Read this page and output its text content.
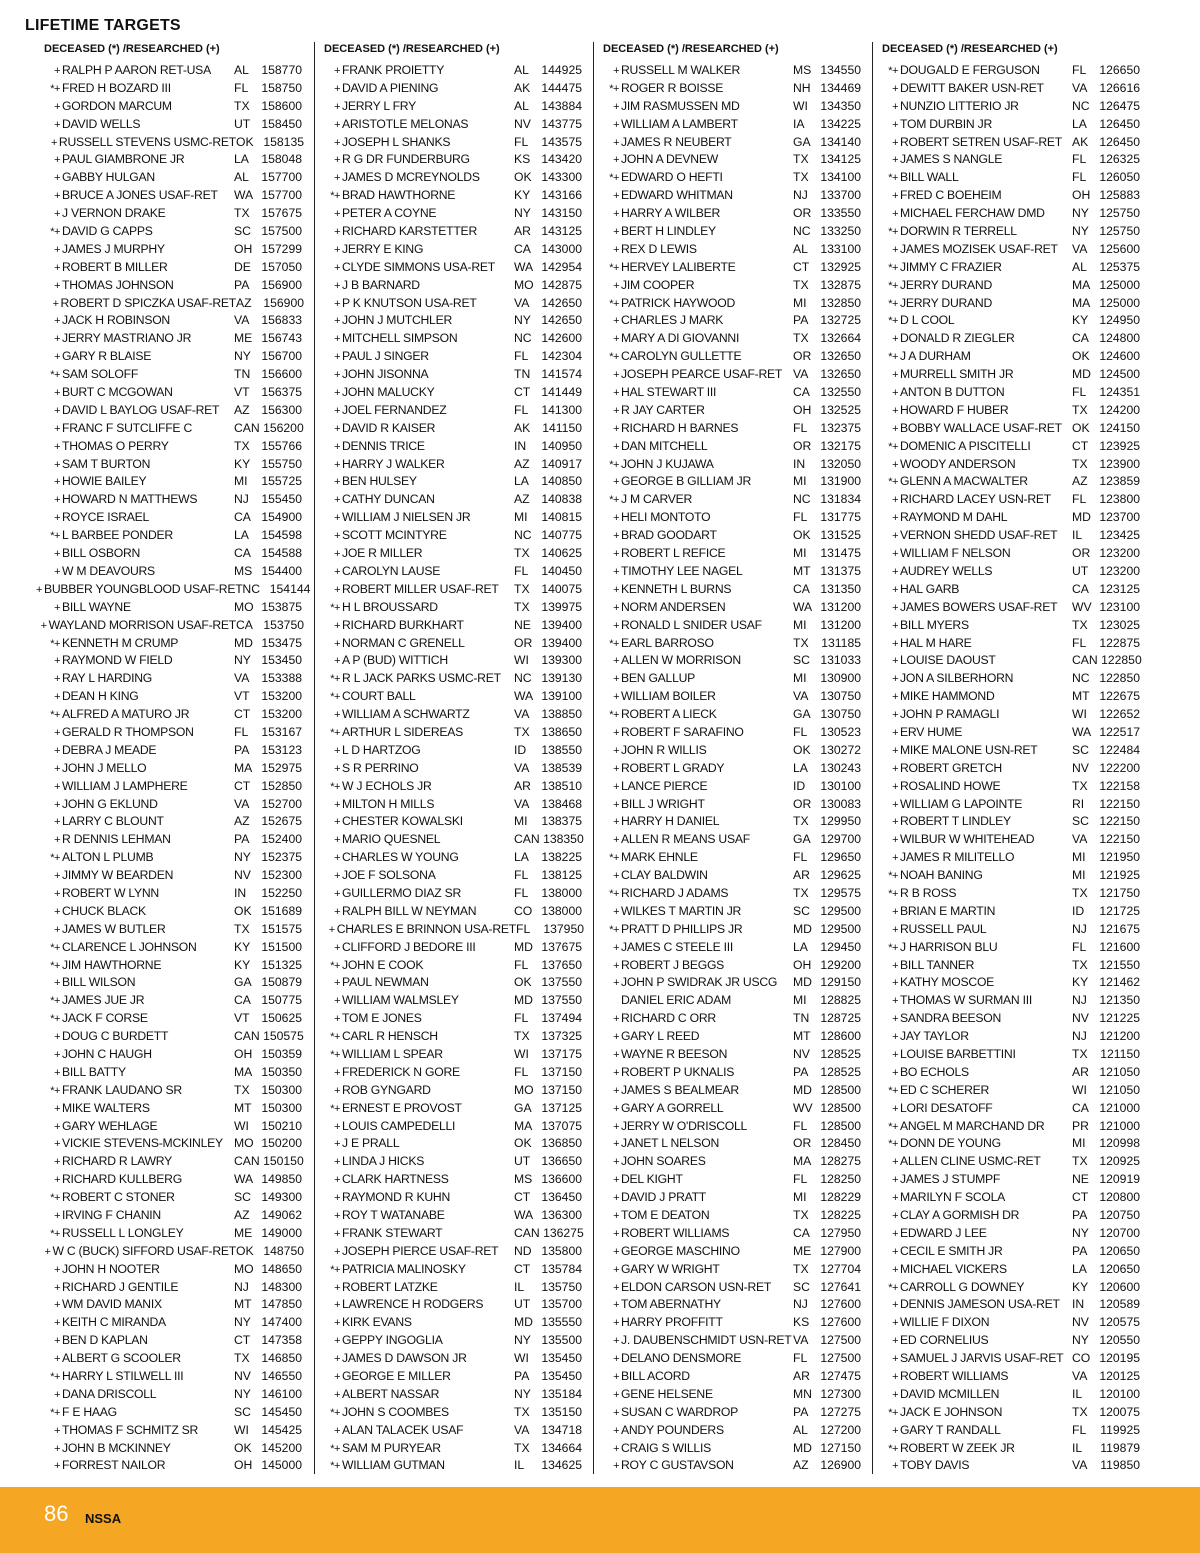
LIFETIME TARGETS
DECEASED (*) /RESEARCHED (+)
+ RALPH P AARON RET-USA	AL	158770
*+ FRED H BOZARD III	FL	158750
+ GORDON MARCUM	TX 158600
+ DAVID WELLS	UT 158450
+ RUSSELL STEVENS USMC-RET OK 158135
+ PAUL GIAMBRONE JR	LA	158048
+ GABBY HULGAN	AL	157700
+ BRUCE A JONES USAF-RET	WA 157700
+ J VERNON DRAKE	TX 157675
*+ DAVID G CAPPS	SC 157500
+ JAMES J MURPHY	OH 157299
+ ROBERT B MILLER	DE 157050
+ THOMAS JOHNSON	PA 156900
+ ROBERT D SPICZKA USAF-RET AZ 156900
+ JACK H ROBINSON	VA 156833
+ JERRY MASTRIANO JR	ME 156743
+ GARY R BLAISE	NY 156700
*+ SAM SOLOFF	TN 156600
+ BURT C MCGOWAN	VT 156375
+ DAVID L BAYLOG USAF-RET	AZ 156300
+ FRANC F SUTCLIFFE C	CAN 156200
+ THOMAS O PERRY	TX 155766
+ SAM T BURTON	KY 155750
+ HOWIE BAILEY	MI	155725
+ HOWARD N MATTHEWS	NJ	155450
+ ROYCE ISRAEL	CA 154900
*+ L BARBEE PONDER	LA	154598
+ BILL OSBORN	CA 154588
+ W M DEAVOURS	MS 154400
+ BUBBER YOUNGBLOOD USAF-RET NC 154144
+ BILL WAYNE	MO 153875
+ WAYLAND MORRISON USAF-RET CA 153750
*+ KENNETH M CRUMP	MD 153475
+ RAYMOND W FIELD	NY 153450
+ RAY L HARDING	VA 153388
+ DEAN H KING	VT 153200
*+ ALFRED A MATURO JR	CT 153200
+ GERALD R THOMPSON	FL	153167
+ DEBRA J MEADE	PA 153123
+ JOHN J MELLO	MA 152975
+ WILLIAM J LAMPHERE	CT 152850
+ JOHN G EKLUND	VA 152700
+ LARRY C BLOUNT	AZ 152675
+ R DENNIS LEHMAN	PA 152400
*+ ALTON L PLUMB	NY 152375
+ JIMMY W BEARDEN	NV 152300
+ ROBERT W LYNN	IN	152250
+ CHUCK BLACK	OK 151689
+ JAMES W BUTLER	TX 151575
*+ CLARENCE L JOHNSON	KY 151500
*+ JIM HAWTHORNE	KY 151325
+ BILL WILSON	GA 150879
*+ JAMES JUE JR	CA 150775
*+ JACK F CORSE	VT 150625
+ DOUG C BURDETT	CAN 150575
+ JOHN C HAUGH	OH 150359
+ BILL BATTY	MA 150350
*+ FRANK LAUDANO SR	TX 150300
+ MIKE WALTERS	MT 150300
+ GARY WEHLAGE	WI	150210
+ VICKIE STEVENS-MCKINLEY MO 150200
+ RICHARD R LAWRY	CAN 150150
+ RICHARD KULLBERG	WA 149850
*+ ROBERT C STONER	SC 149300
+ IRVING F CHANIN	AZ 149062
*+ RUSSELL L LONGLEY	ME 149000
+ W C (BUCK) SIFFORD USAF-RET OK 148750
+ JOHN H NOOTER	MO 148650
+ RICHARD J GENTILE	NJ	148300
+ WM DAVID MANIX	MT 147850
+ KEITH C MIRANDA	NY 147400
+ BEN D KAPLAN	CT 147358
+ ALBERT G SCOOLER	TX 146850
*+ HARRY L STILWELL III	NV 146550
+ DANA DRISCOLL	NY 146100
*+ F E HAAG	SC 145450
+ THOMAS F SCHMITZ SR	WI	145425
+ JOHN B MCKINNEY	OK 145200
+ FORREST NAILOR	OH 145000
DECEASED (*) /RESEARCHED (+)
+ FRANK PROIETTY	AL	144925
+ DAVID A PIENING	AK 144475
+ JERRY L FRY	AL	143884
+ ARISTOTLE MELONAS	NV 143775
+ JOSEPH L SHANKS	FL	143575
+ R G DR FUNDERBURG	KS 143420
+ JAMES D MCREYNOLDS	OK 143300
*+ BRAD HAWTHORNE	KY 143166
+ PETER A COYNE	NY 143150
+ RICHARD KARSTETTER	AR 143125
+ JERRY E KING	CA 143000
+ CLYDE SIMMONS USA-RET	WA 142954
+ J B BARNARD	MO 142875
+ P K KNUTSON USA-RET	VA 142650
+ JOHN J MUTCHLER	NY 142650
+ MITCHELL SIMPSON	NC 142600
+ PAUL J SINGER	FL	142304
+ JOHN JISONNA	TN 141574
+ JOHN MALUCKY	CT 141449
+ JOEL FERNANDEZ	FL	141300
+ DAVID R KAISER	AK 141150
+ DENNIS TRICE	IN	140950
+ HARRY J WALKER	AZ 140917
+ BEN HULSEY	LA	140850
+ CATHY DUNCAN	AZ 140838
+ WILLIAM J NIELSEN JR	MI	140815
+ SCOTT MCINTYRE	NC 140775
+ JOE R MILLER	TX 140625
+ CAROLYN LAUSE	FL	140450
+ ROBERT MILLER USAF-RET	TX 140075
*+ H L BROUSSARD	TX 139975
+ RICHARD BURKHART	NE 139400
+ NORMAN C GRENELL	OR 139400
+ A P (BUD) WITTICH	WI	139300
*+ R L JACK PARKS USMC-RET	NC 139130
*+ COURT BALL	WA 139100
+ WILLIAM A SCHWARTZ	VA 138850
*+ ARTHUR L SIDEREAS	TX 138650
+ L D HARTZOG	ID	138550
+ S R PERRINO	VA 138539
*+ W J ECHOLS JR	AR 138510
+ MILTON H MILLS	VA 138468
+ CHESTER KOWALSKI	MI	138375
+ MARIO QUESNEL	CAN 138350
+ CHARLES W YOUNG	LA	138225
+ JOE F SOLSONA	FL	138125
+ GUILLERMO DIAZ SR	FL	138000
+ RALPH BILL W NEYMAN	CO 138000
+ CHARLES E BRINNON USA-RET FL	137950
+ CLIFFORD J BEDORE III	MD 137675
*+ JOHN E COOK	FL	137650
+ PAUL NEWMAN	OK 137550
+ WILLIAM WALMSLEY	MD 137550
+ TOM E JONES	FL	137494
*+ CARL R HENSCH	TX 137325
*+ WILLIAM L SPEAR	WI	137175
+ FREDERICK N GORE	FL	137150
+ ROB GYNGARD	MO 137150
*+ ERNEST E PROVOST	GA 137125
+ LOUIS CAMPEDELLI	MA 137075
+ J E PRALL	OK 136850
+ LINDA J HICKS	UT 136650
+ CLARK HARTNESS	MS 136600
+ RAYMOND R KUHN	CT 136450
+ ROY T WATANABE	WA 136300
+ FRANK STEWART	CAN 136275
+ JOSEPH PIERCE USAF-RET	ND 135800
*+ PATRICIA MALINOSKY	CT 135784
+ ROBERT LATZKE	IL	135750
+ LAWRENCE H RODGERS	UT 135700
+ KIRK EVANS	MD 135550
+ GEPPY INGOGLIA	NY 135500
+ JAMES D DAWSON JR	WI	135450
+ GEORGE E MILLER	PA 135450
+ ALBERT NASSAR	NY 135184
*+ JOHN S COOMBES	TX 135150
+ ALAN TALACEK USAF	VA 134718
*+ SAM M PURYEAR	TX 134664
*+ WILLIAM GUTMAN	IL	134625
DECEASED (*) /RESEARCHED (+)
+ RUSSELL M WALKER	MS 134550
*+ ROGER R BOISSE	NH 134469
+ JIM RASMUSSEN MD	WI	134350
+ WILLIAM A LAMBERT	IA	134225
+ JAMES R NEUBERT	GA 134140
+ JOHN A DEVNEW	TX 134125
*+ EDWARD O HEFTI	TX 134100
+ EDWARD WHITMAN	NJ	133700
+ HARRY A WILBER	OR 133550
+ BERT H LINDLEY	NC 133250
+ REX D LEWIS	AL	133100
*+ HERVEY LALIBERTE	CT 132925
+ JIM COOPER	TX 132875
*+ PATRICK HAYWOOD	MI	132850
+ CHARLES J MARK	PA 132725
+ MARY A DI GIOVANNI	TX 132664
*+ CAROLYN GULLETTE	OR 132650
+ JOSEPH PEARCE USAF-RET VA 132650
+ HAL STEWART III	CA 132550
+ R JAY CARTER	OH 132525
+ RICHARD H BARNES	FL	132375
+ DAN MITCHELL	OR 132175
*+ JOHN J KUJAWA	IN	132050
+ GEORGE B GILLIAM JR	MI	131900
*+ J M CARVER	NC 131834
+ HELI MONTOTO	FL	131775
+ BRAD GOODART	OK 131525
+ ROBERT L REFICE	MI	131475
+ TIMOTHY LEE NAGEL	MT 131375
+ KENNETH L BURNS	CA 131350
+ NORM ANDERSEN	WA 131200
+ RONALD L SNIDER USAF	MI	131200
*+ EARL BARROSO	TX	131185
+ ALLEN W MORRISON	SC 131033
+ BEN GALLUP	MI	130900
+ WILLIAM BOILER	VA 130750
*+ ROBERT A LIECK	GA 130750
+ ROBERT F SARAFINO	FL	130523
+ JOHN R WILLIS	OK 130272
+ ROBERT L GRADY	LA	130243
+ LANCE PIERCE	ID	130100
+ BILL J WRIGHT	OR 130083
+ HARRY H DANIEL	TX 129950
+ ALLEN R MEANS USAF	GA 129700
*+ MARK EHNLE	FL	129650
+ CLAY BALDWIN	AR 129625
*+ RICHARD J ADAMS	TX 129575
+ WILKES T MARTIN JR	SC 129500
*+ PRATT D PHILLIPS JR	MD 129500
+ JAMES C STEELE III	LA	129450
+ ROBERT J BEGGS	OH 129200
+ JOHN P SWIDRAK JR USCG	MD 129150
DANIEL ERIC ADAM	MI	128825
+ RICHARD C ORR	TN 128725
+ GARY L REED	MT 128600
+ WAYNE R BEESON	NV 128525
+ ROBERT P UKNALIS	PA 128525
+ JAMES S BEALMEAR	MD 128500
+ GARY A GORRELL	WV 128500
+ JERRY W O'DRISCOLL	FL	128500
+ JANET L NELSON	OR 128450
+ JOHN SOARES	MA 128275
+ DEL KIGHT	FL	128250
+ DAVID J PRATT	MI	128229
+ TOM E DEATON	TX 128225
+ ROBERT WILLIAMS	CA 127950
+ GEORGE MASCHINO	ME 127900
+ GARY W WRIGHT	TX 127704
+ ELDON CARSON USN-RET	SC 127641
+ TOM ABERNATHY	NJ	127600
+ HARRY PROFFITT	KS 127600
+ J. DAUBENSCHMIDT USN-RET VA 127500
+ DELANO DENSMORE	FL	127500
+ BILL ACORD	AR 127475
+ GENE HELSENE	MN 127300
+ SUSAN C WARDROP	PA 127275
+ ANDY POUNDERS	AL	127200
+ CRAIG S WILLIS	MD 127150
+ ROY C GUSTAVSON	AZ 126900
DECEASED (*) /RESEARCHED (+)
*+ DOUGALD E FERGUSON	FL	126650
+ DEWITT BAKER USN-RET	VA 126616
+ NUNZIO LITTERIO JR	NC 126475
+ TOM DURBIN JR	LA	126450
+ ROBERT SETREN USAF-RET AK 126450
+ JAMES S NANGLE	FL	126325
*+ BILL WALL	FL	126050
+ FRED C BOEHEIM	OH 125883
+ MICHAEL FERCHAW DMD	NY 125750
*+ DORWIN R TERRELL	NY 125750
+ JAMES MOZISEK USAF-RET	VA 125600
*+ JIMMY C FRAZIER	AL	125375
*+ JERRY DURAND	MA 125000
*+ JERRY DURAND	MA 125000
*+ D L COOL	KY 124950
+ DONALD R ZIEGLER	CA 124800
*+ J A DURHAM	OK 124600
+ MURRELL SMITH JR	MD 124500
+ ANTON B DUTTON	FL	124351
+ HOWARD F HUBER	TX 124200
+ BOBBY WALLACE USAF-RET OK 124150
*+ DOMENIC A PISCITELLI	CT 123925
+ WOODY ANDERSON	TX 123900
*+ GLENN A MACWALTER	AZ 123859
+ RICHARD LACEY USN-RET	FL	123800
+ RAYMOND M DAHL	MD 123700
+ VERNON SHEDD USAF-RET	IL	123425
+ WILLIAM F NELSON	OR 123200
+ AUDREY WELLS	UT 123200
+ HAL GARB	CA 123125
+ JAMES BOWERS USAF-RET	WV 123100
+ BILL MYERS	TX 123025
+ HAL M HARE	FL	122875
+ LOUISE DAOUST	CAN 122850
+ JON A SILBERHORN	NC 122850
+ MIKE HAMMOND	MT 122675
+ JOHN P RAMAGLI	WI	122652
+ ERV HUME	WA 122517
+ MIKE MALONE USN-RET	SC 122484
+ ROBERT GRETCH	NV 122200
+ ROSALIND HOWE	TX 122158
+ WILLIAM G LAPOINTE	RI	122150
+ ROBERT T LINDLEY	SC 122150
+ WILBUR W WHITEHEAD	VA 122150
+ JAMES R MILITELLO	MI	121950
*+ NOAH BANING	MI	121925
*+ R B ROSS	TX 121750
+ BRIAN E MARTIN	ID	121725
+ RUSSELL PAUL	NJ	121675
*+ J HARRISON BLU	FL	121600
+ BILL TANNER	TX 121550
+ KATHY MOSCOE	KY 121462
+ THOMAS W SURMAN III	NJ	121350
+ SANDRA BEESON	NV 121225
+ JAY TAYLOR	NJ	121200
+ LOUISE BARBETTINI	TX	121150
+ BO ECHOLS	AR 121050
*+ ED C SCHERER	WI	121050
+ LORI DESATOFF	CA 121000
*+ ANGEL M MARCHAND DR	PR 121000
*+ DONN DE YOUNG	MI	120998
+ ALLEN CLINE USMC-RET	TX 120925
+ JAMES J STUMPF	NE 120919
+ MARILYN F SCOLA	CT 120800
+ CLAY A GORMISH DR	PA 120750
+ EDWARD J LEE	NY 120700
+ CECIL E SMITH JR	PA 120650
+ MICHAEL VICKERS	LA	120650
*+ CARROLL G DOWNEY	KY 120600
+ DENNIS JAMESON USA-RET	IN	120589
+ WILLIE F DIXON	NV 120575
+ ED CORNELIUS	NY 120550
+ SAMUEL J JARVIS USAF-RET CO 120195
+ ROBERT WILLIAMS	VA 120125
+ DAVID MCMILLEN	IL	120100
*+ JACK E JOHNSON	TX 120075
+ GARY T RANDALL	FL	119925
*+ ROBERT W ZEEK JR	IL	119879
+ TOBY DAVIS	VA	119850
86 NSSA
